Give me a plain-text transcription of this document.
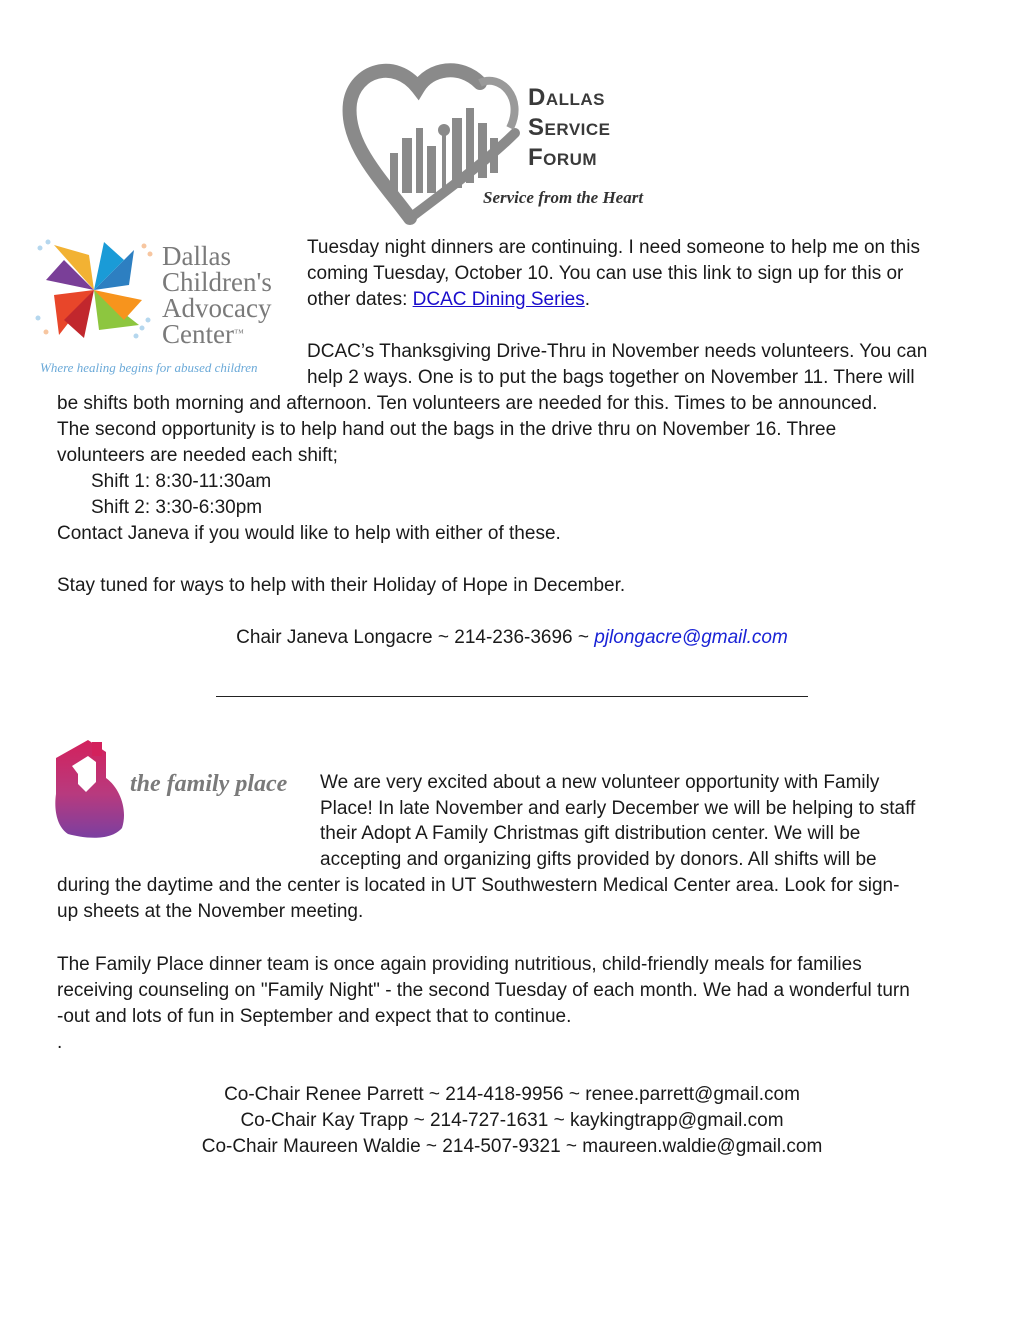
Dallas
Service
Forum
Service from the Heart
Dallas
Children's
Advocacy
Center™
Where healing begins for abused children
Tuesday night dinners are continuing. I need someone to help me on this
coming Tuesday, October 10. You can use this link to sign up for this or
other dates: DCAC Dining Series.
DCAC’s Thanksgiving Drive-Thru in November needs volunteers. You can
help 2 ways. One is to put the bags together on November 11. There will
be shifts both morning and afternoon. Ten volunteers are needed for this. Times to be announced.
The second opportunity is to help hand out the bags in the drive thru on November 16. Three
volunteers are needed each shift;
Shift 1: 8:30-11:30am
Shift 2: 3:30-6:30pm
Contact Janeva if you would like to help with either of these.
Stay tuned for ways to help with their Holiday of Hope in December.
Chair Janeva Longacre ~ 214-236-3696 ~ pjlongacre@gmail.com
the family place We are very excited about a new volunteer opportunity with Family
Place! In late November and early December we will be helping to staff
their Adopt A Family Christmas gift distribution center. We will be
accepting and organizing gifts provided by donors. All shifts will be
during the daytime and the center is located in UT Southwestern Medical Center area. Look for sign-
up sheets at the November meeting.
The Family Place dinner team is once again providing nutritious, child-friendly meals for families
receiving counseling on "Family Night" - the second Tuesday of each month. We had a wonderful turn
-out and lots of fun in September and expect that to continue.
.
Co-Chair Renee Parrett ~ 214-418-9956 ~ renee.parrett@gmail.com
Co-Chair Kay Trapp ~ 214-727-1631 ~ kaykingtrapp@gmail.com
Co-Chair Maureen Waldie ~ 214-507-9321 ~ maureen.waldie@gmail.com
